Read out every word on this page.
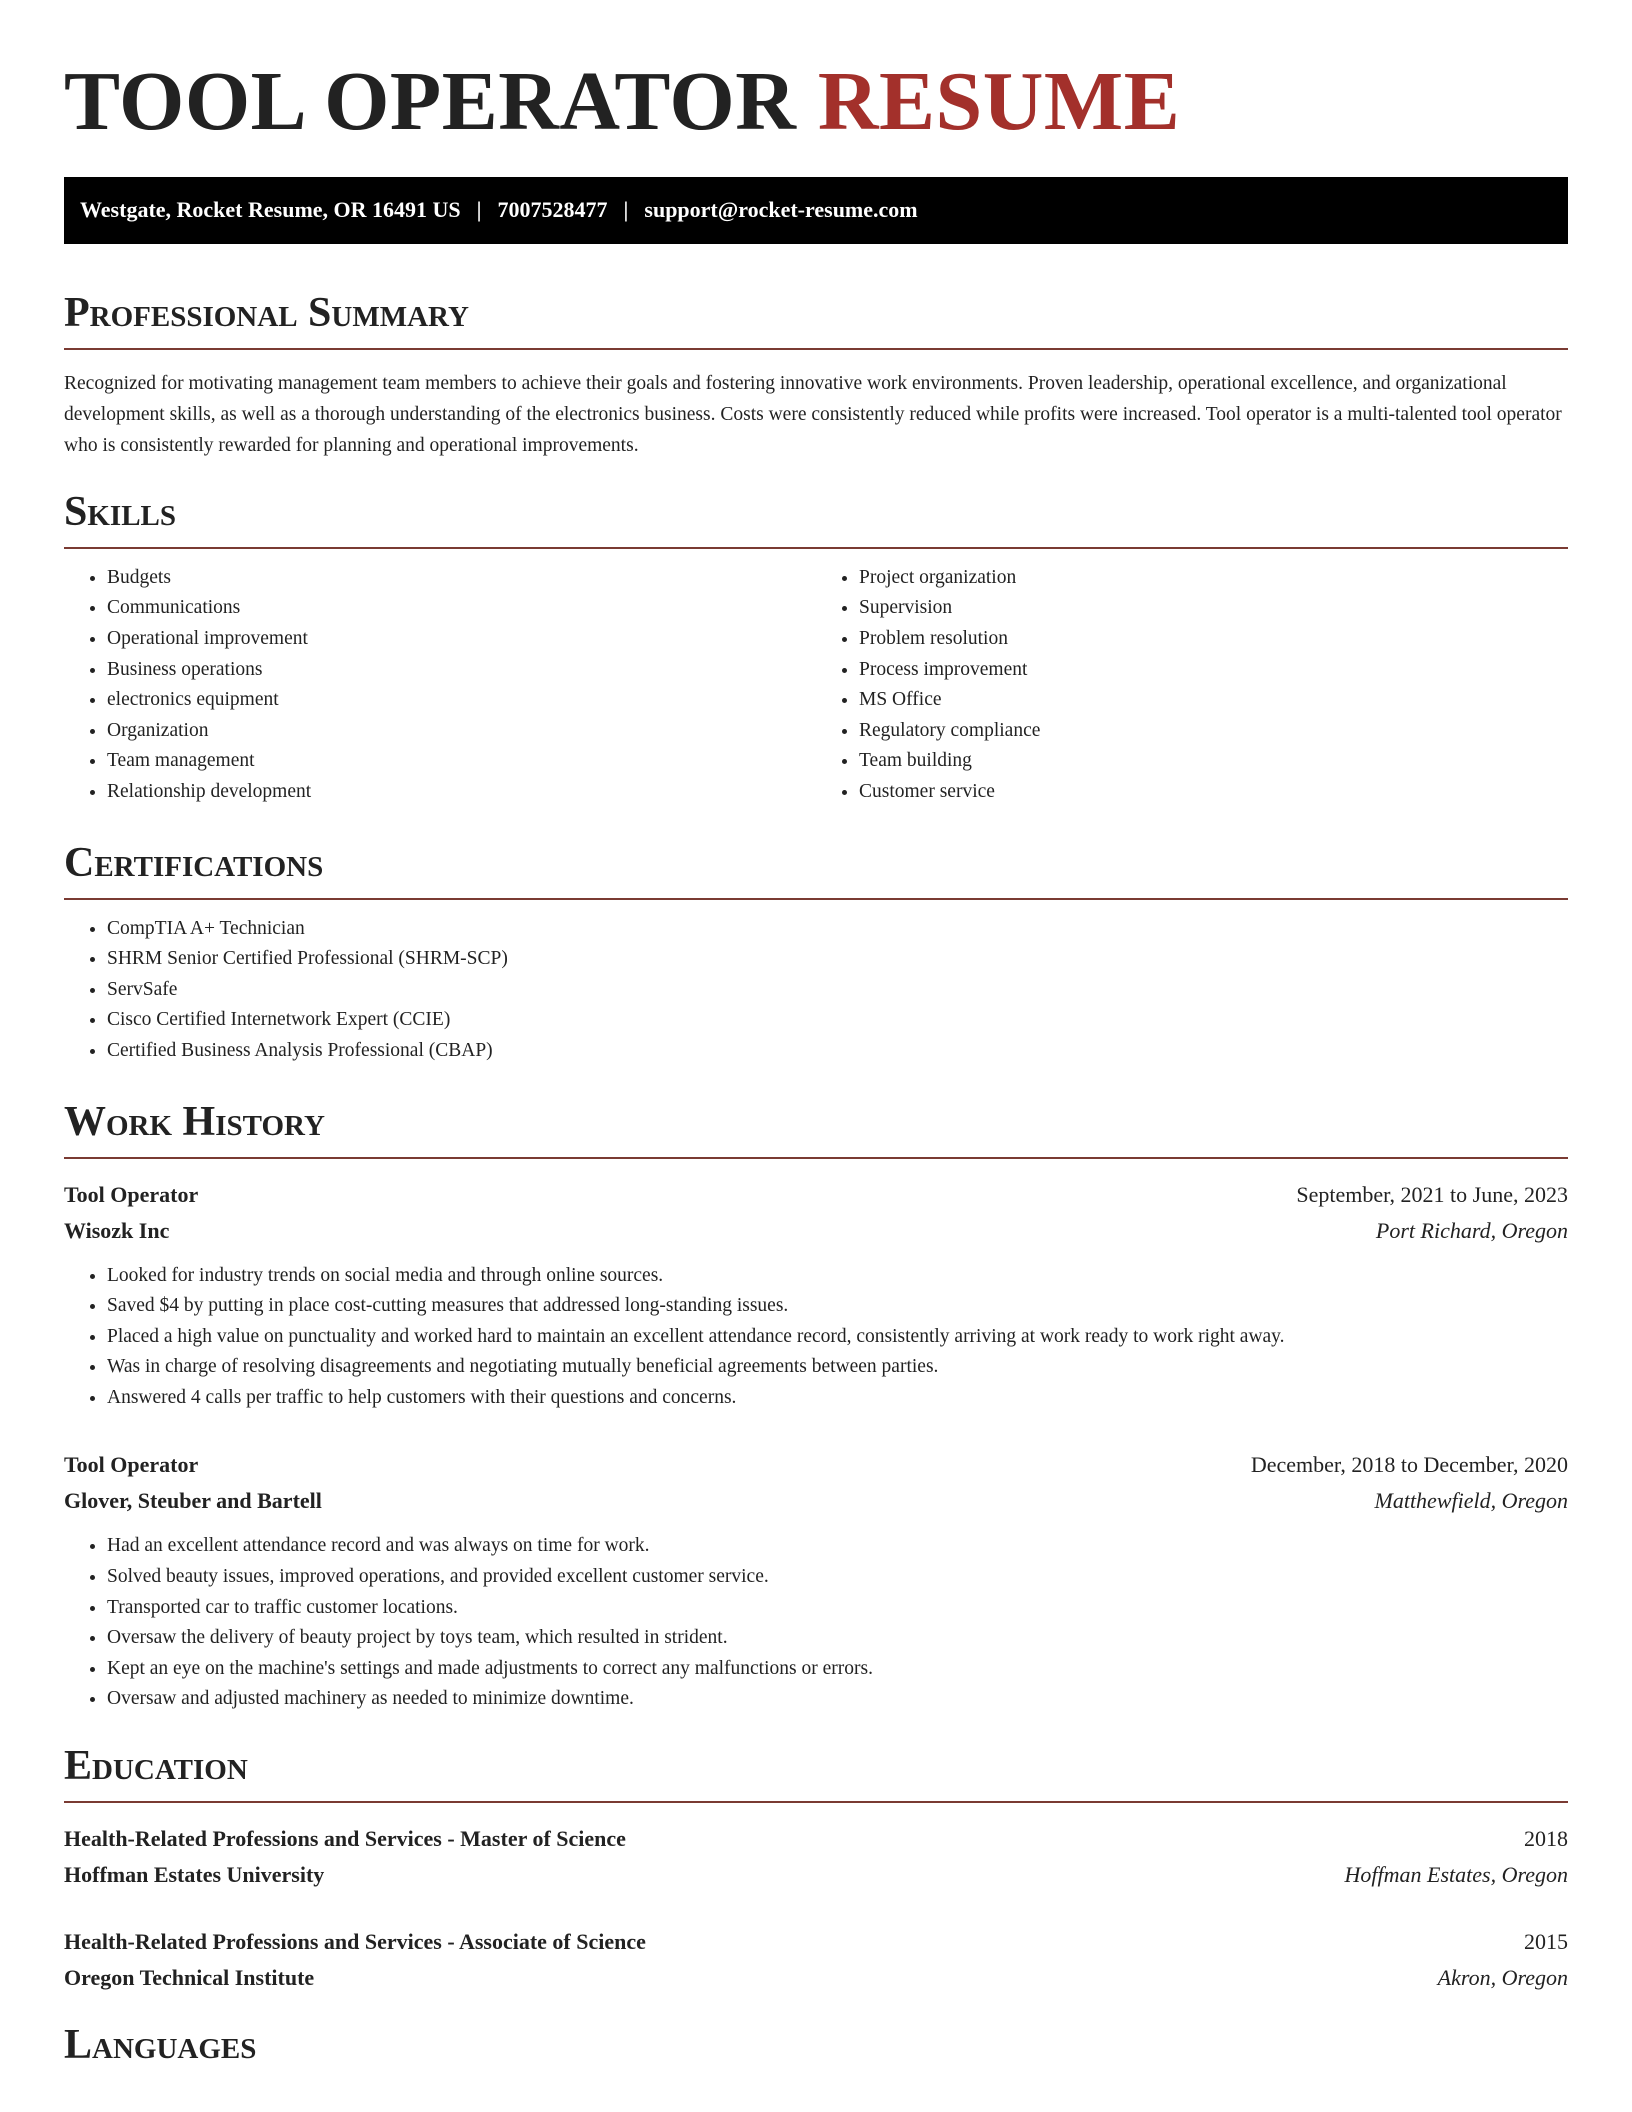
TOOL OPERATOR RESUME
Westgate, Rocket Resume, OR 16491 US | 7007528477 | support@rocket-resume.com
Professional Summary

Recognized for motivating management team members to achieve their goals and fostering innovative work environments. Proven leadership, operational excellence, and organizational development skills, as well as a thorough understanding of the electronics business. Costs were consistently reduced while profits were increased. Tool operator is a multi-talented tool operator who is consistently rewarded for planning and operational improvements.

Skills
• Budgets
• Communications
• Operational improvement
• Business operations
• electronics equipment
• Organization
• Team management
• Relationship development
• Project organization
• Supervision
• Problem resolution
• Process improvement
• MS Office
• Regulatory compliance
• Team building
• Customer service
Certifications
• CompTIA A+ Technician
• SHRM Senior Certified Professional (SHRM-SCP)
• ServSafe
• Cisco Certified Internetwork Expert (CCIE)
• Certified Business Analysis Professional (CBAP)
Work History
Tool Operator	September, 2021 to June, 2023
Wisozk Inc	Port Richard, Oregon
• Looked for industry trends on social media and through online sources.
• Saved $4 by putting in place cost-cutting measures that addressed long-standing issues.
• Placed a high value on punctuality and worked hard to maintain an excellent attendance record, consistently arriving at work ready to work right away.
• Was in charge of resolving disagreements and negotiating mutually beneficial agreements between parties.
• Answered 4 calls per traffic to help customers with their questions and concerns.
Tool Operator	December, 2018 to December, 2020
Glover, Steuber and Bartell	Matthewfield, Oregon
• Had an excellent attendance record and was always on time for work.
• Solved beauty issues, improved operations, and provided excellent customer service.
• Transported car to traffic customer locations.
• Oversaw the delivery of beauty project by toys team, which resulted in strident.
• Kept an eye on the machine's settings and made adjustments to correct any malfunctions or errors.
• Oversaw and adjusted machinery as needed to minimize downtime.
Education
Health-Related Professions and Services - Master of Science	2018
Hoffman Estates University	Hoffman Estates, Oregon
Health-Related Professions and Services - Associate of Science	2015
Oregon Technical Institute	Akron, Oregon
Languages
